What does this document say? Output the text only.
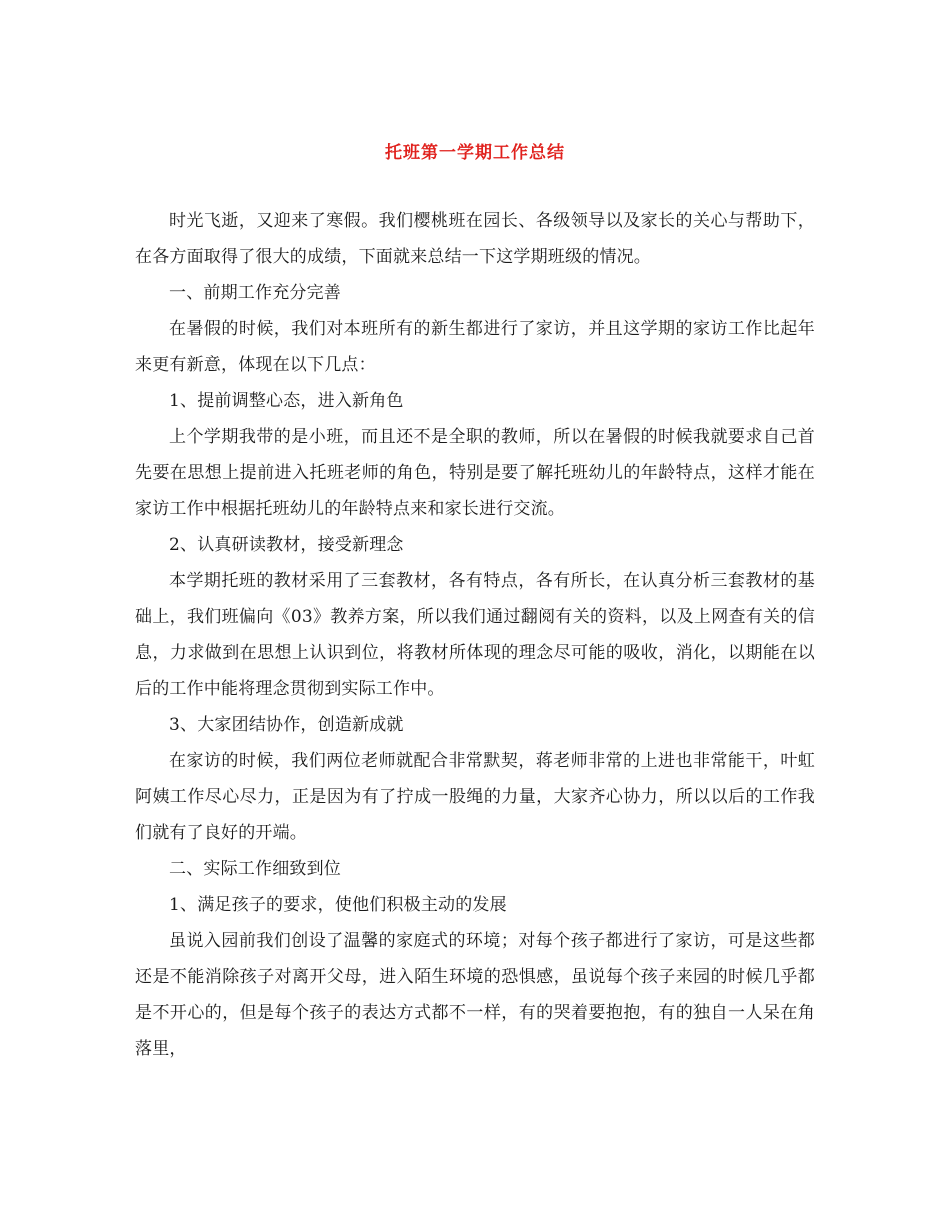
托班第一学期工作总结

时光飞逝，又迎来了寒假。我们樱桃班在园长、各级领导以及家长的关心与帮助下，在各方面取得了很大的成绩，下面就来总结一下这学期班级的情况。

一、前期工作充分完善

在暑假的时候，我们对本班所有的新生都进行了家访，并且这学期的家访工作比起年来更有新意，体现在以下几点：

1、提前调整心态，进入新角色

上个学期我带的是小班，而且还不是全职的教师，所以在暑假的时候我就要求自己首先要在思想上提前进入托班老师的角色，特别是要了解托班幼儿的年龄特点，这样才能在家访工作中根据托班幼儿的年龄特点来和家长进行交流。

2、认真研读教材，接受新理念

本学期托班的教材采用了三套教材，各有特点，各有所长，在认真分析三套教材的基础上，我们班偏向《03》教养方案，所以我们通过翻阅有关的资料，以及上网查有关的信息，力求做到在思想上认识到位，将教材所体现的理念尽可能的吸收，消化，以期能在以后的工作中能将理念贯彻到实际工作中。

3、大家团结协作，创造新成就

在家访的时候，我们两位老师就配合非常默契，蒋老师非常的上进也非常能干，叶虹阿姨工作尽心尽力，正是因为有了拧成一股绳的力量，大家齐心协力，所以以后的工作我们就有了良好的开端。

二、实际工作细致到位

1、满足孩子的要求，使他们积极主动的发展

虽说入园前我们创设了温馨的家庭式的环境；对每个孩子都进行了家访，可是这些都还是不能消除孩子对离开父母，进入陌生环境的恐惧感，虽说每个孩子来园的时候几乎都是不开心的，但是每个孩子的表达方式都不一样，有的哭着要抱抱，有的独自一人呆在角落里，
